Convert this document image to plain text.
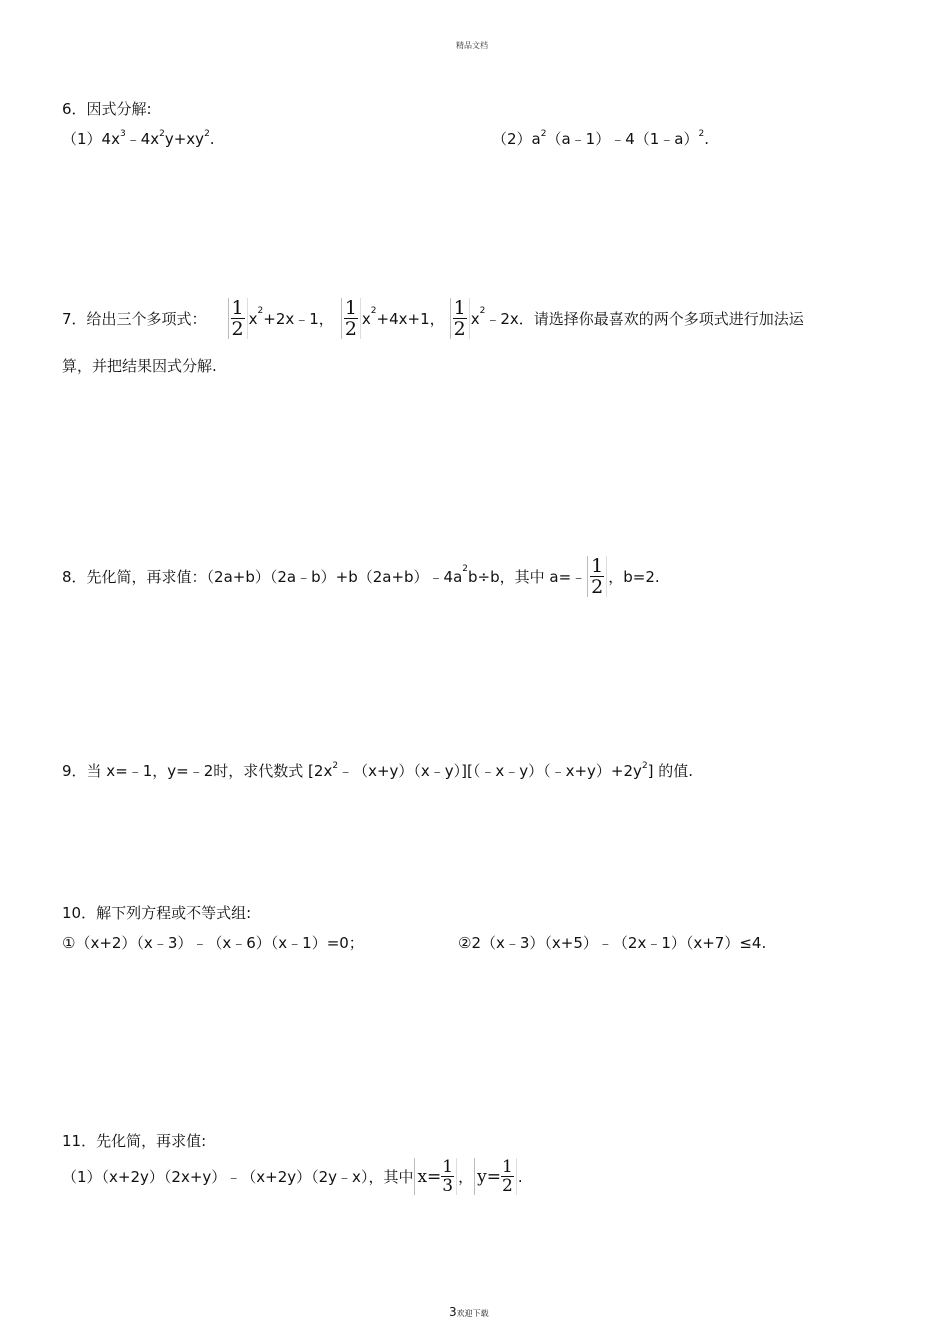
精品文档
6．因式分解:
$(1)4x^3﹣4x^2y+xy^2$.	$(2)a^2(a﹣1)﹣4(1﹣a)^2$.
7．给出三个多项式： $\frac{1}{2}$ x 2 +2x﹣1， $\frac{1}{2}$ x 2 +4x+1， $\frac{1}{2}$ x 2 ﹣2x．请选择你最喜欢的两个多项式进行加法运
算，并把结果因式分解.
8．先化简，再求值：（2a+b）（2a﹣b）+b（2a+b）﹣4a 2 b÷b，其中 a=﹣ $\frac{1}{2}$ ，b=2.
9．当 x=﹣1，y=﹣2时，求代数式 $[2x^2﹣(x+y)(x﹣y)][(﹣x﹣y)(﹣x+y)+2y^2]$ 的值.
10．解下列方程或不等式组:
①（x+2）（x﹣3）﹣（x﹣6）（x﹣1）=0；	②2（x﹣3）（x+5）﹣（2x﹣1）（x+7）≤4.
11．先化简，再求值:
（1）（x+2y）（2x+y）﹣（x+2y）（2y﹣x），其中 $x= \frac{1}{3}$ ， $y= \frac{1}{2}$ .
3 欢迎下载
